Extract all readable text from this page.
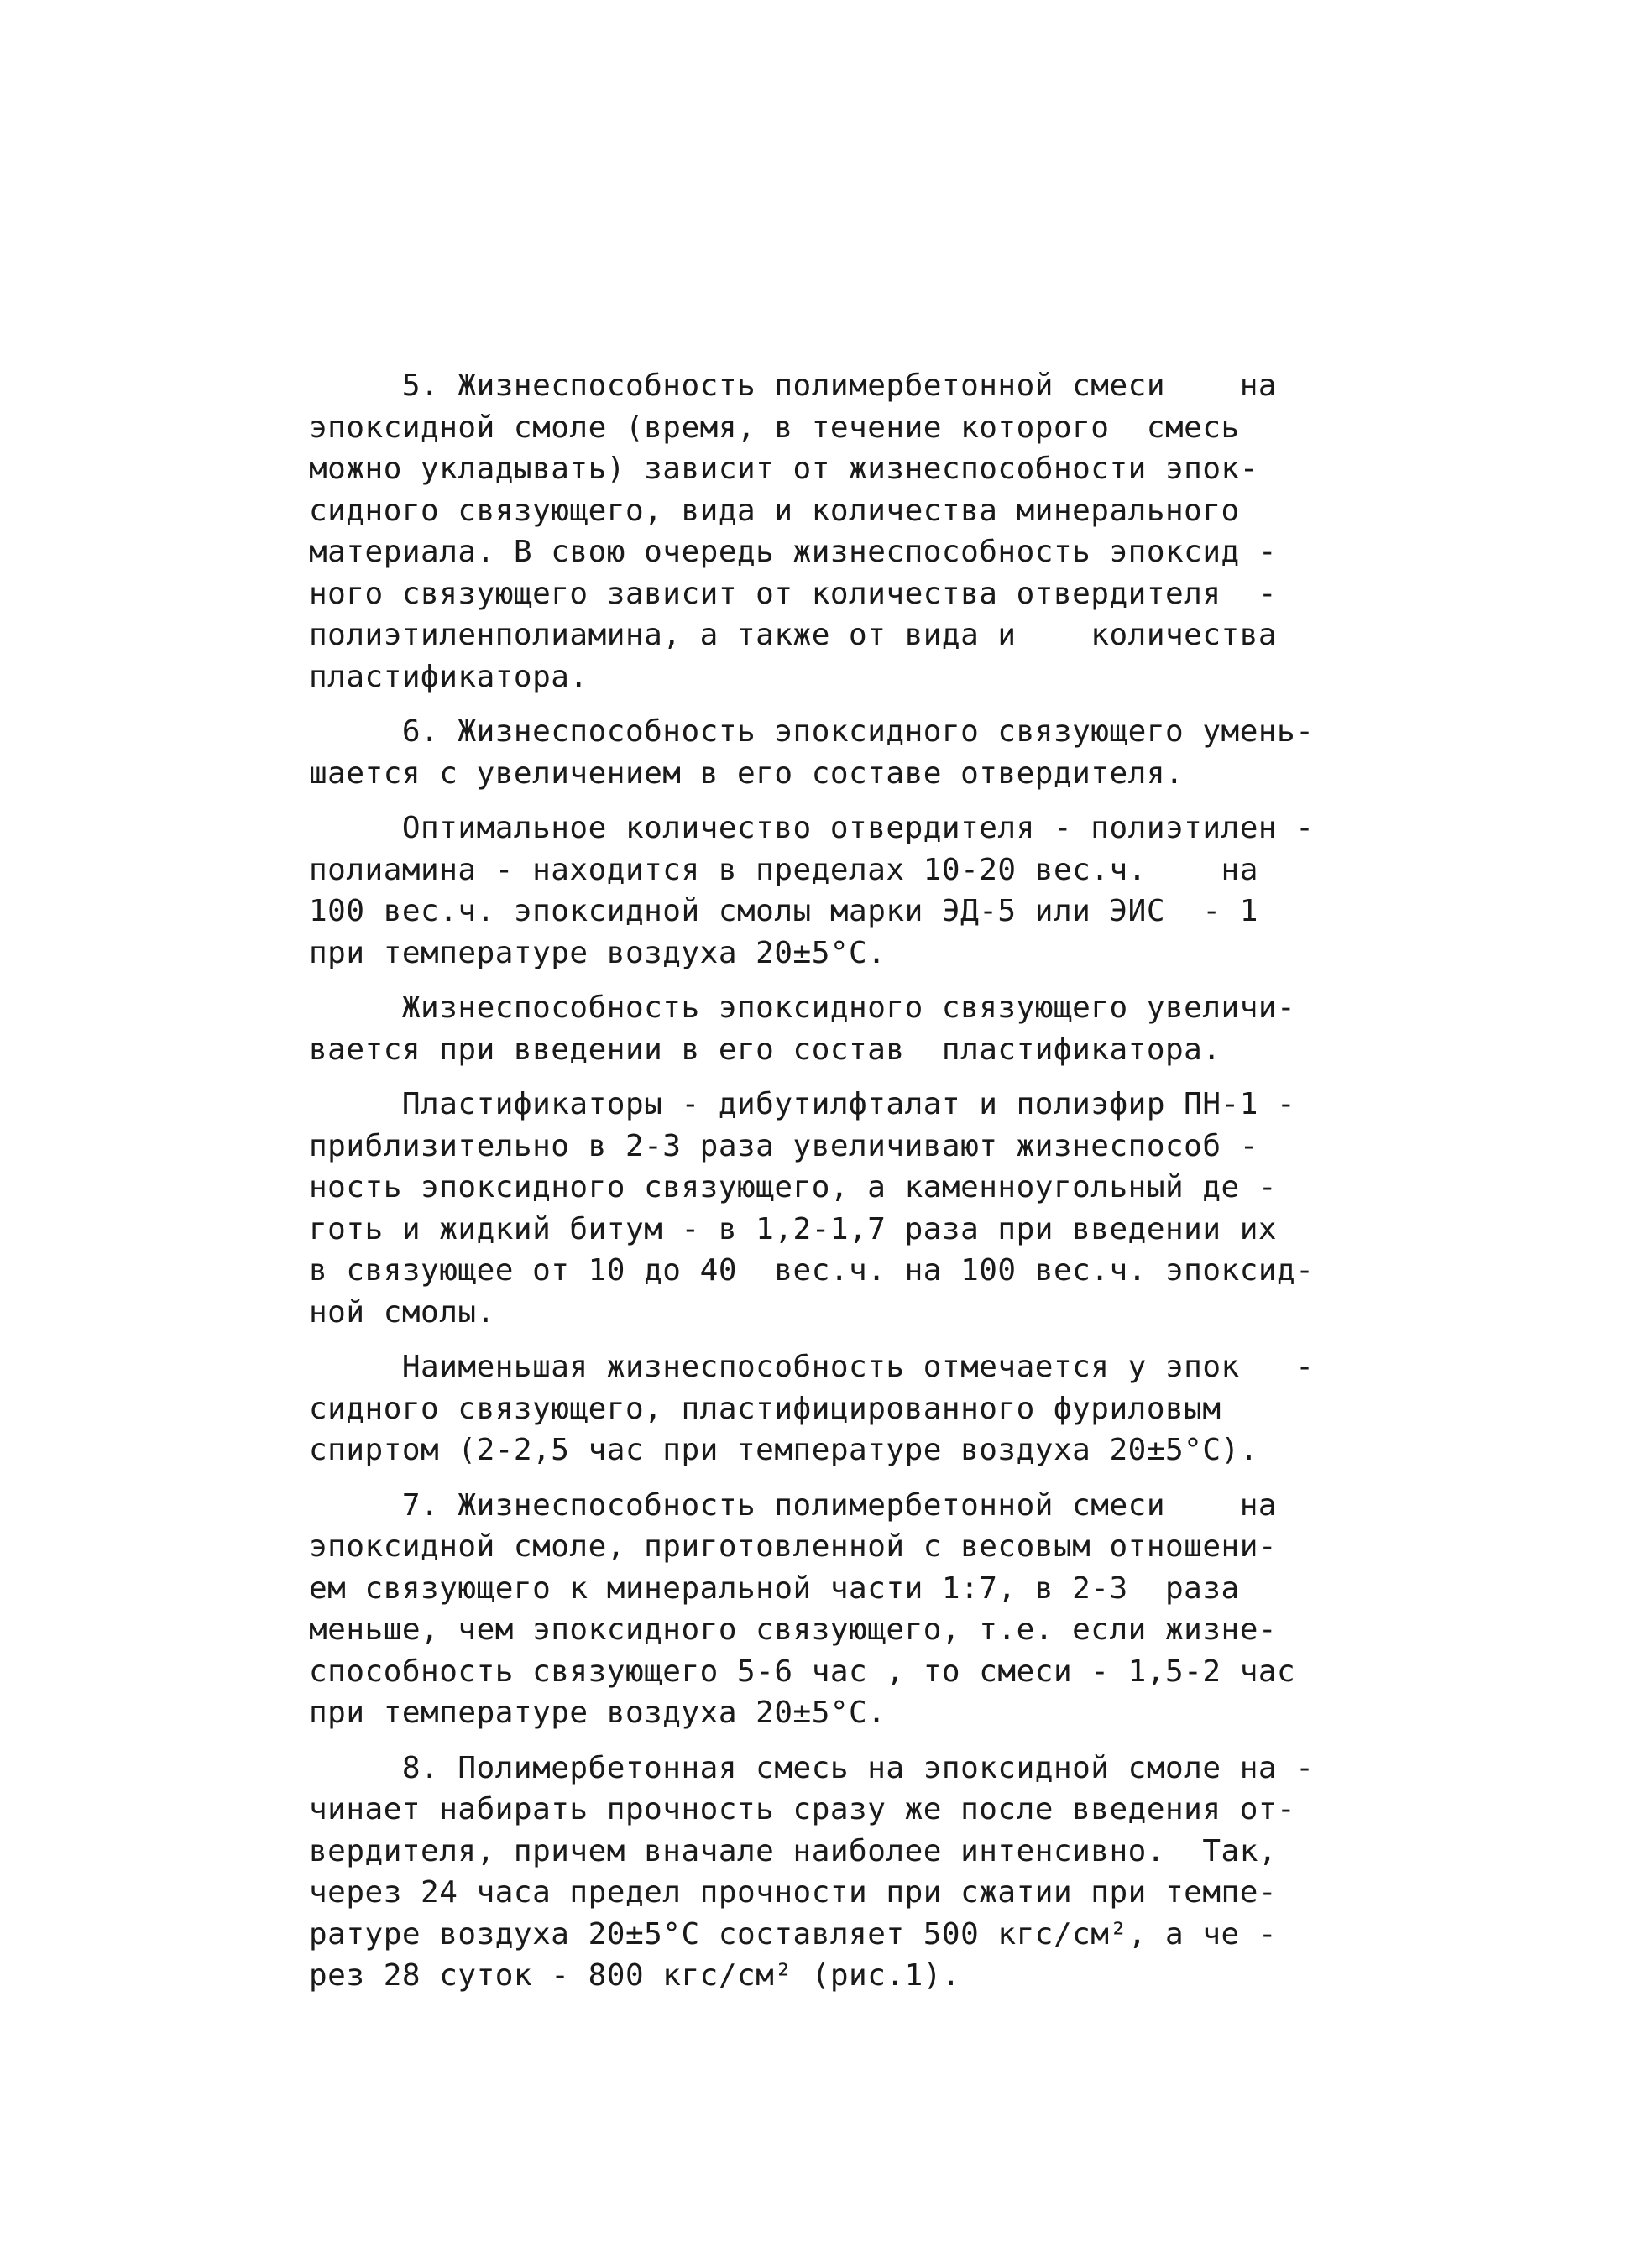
5. Жизнеспособность полимербетонной смеси    на
эпоксидной смоле (время, в течение которого  смесь
можно укладывать) зависит от жизнеспособности эпок-
сидного связующего, вида и количества минерального
материала. В свою очередь жизнеспособность эпоксид -
ного связующего зависит от количества отвердителя  -
полиэтиленполиамина, а также от вида и    количества
пластификатора.
6. Жизнеспособность эпоксидного связующего умень-
шается с увеличением в его составе отвердителя.
Оптимальное количество отвердителя - полиэтилен -
полиамина - находится в пределах 10-20 вес.ч.    на
100 вес.ч. эпоксидной смолы марки ЭД-5 или ЭИС  - 1
при температуре воздуха 20±5°С.
Жизнеспособность эпоксидного связующего увеличи-
вается при введении в его состав  пластификатора.
Пластификаторы - дибутилфталат и полиэфир ПН-1 -
приблизительно в 2-3 раза увеличивают жизнеспособ -
ность эпоксидного связующего, а каменноугольный де -
готь и жидкий битум - в 1,2-1,7 раза при введении их
в связующее от 10 до 40  вес.ч. на 100 вес.ч. эпоксид-
ной смолы.
Наименьшая жизнеспособность отмечается у эпок   -
сидного связующего, пластифицированного фуриловым
спиртом (2-2,5 час при температуре воздуха 20±5°С).
7. Жизнеспособность полимербетонной смеси    на
эпоксидной смоле, приготовленной с весовым отношени-
ем связующего к минеральной части 1:7, в 2-3  раза
меньше, чем эпоксидного связующего, т.е. если жизне-
способность связующего 5-6 час , то смеси - 1,5-2 час
при температуре воздуха 20±5°С.
8. Полимербетонная смесь на эпоксидной смоле на -
чинает набирать прочность сразу же после введения от-
вердителя, причем вначале наиболее интенсивно.  Так,
через 24 часа предел прочности при сжатии при темпе-
ратуре воздуха 20±5°С составляет 500 кгс/см², а че -
рез 28 суток - 800 кгс/см² (рис.1).
